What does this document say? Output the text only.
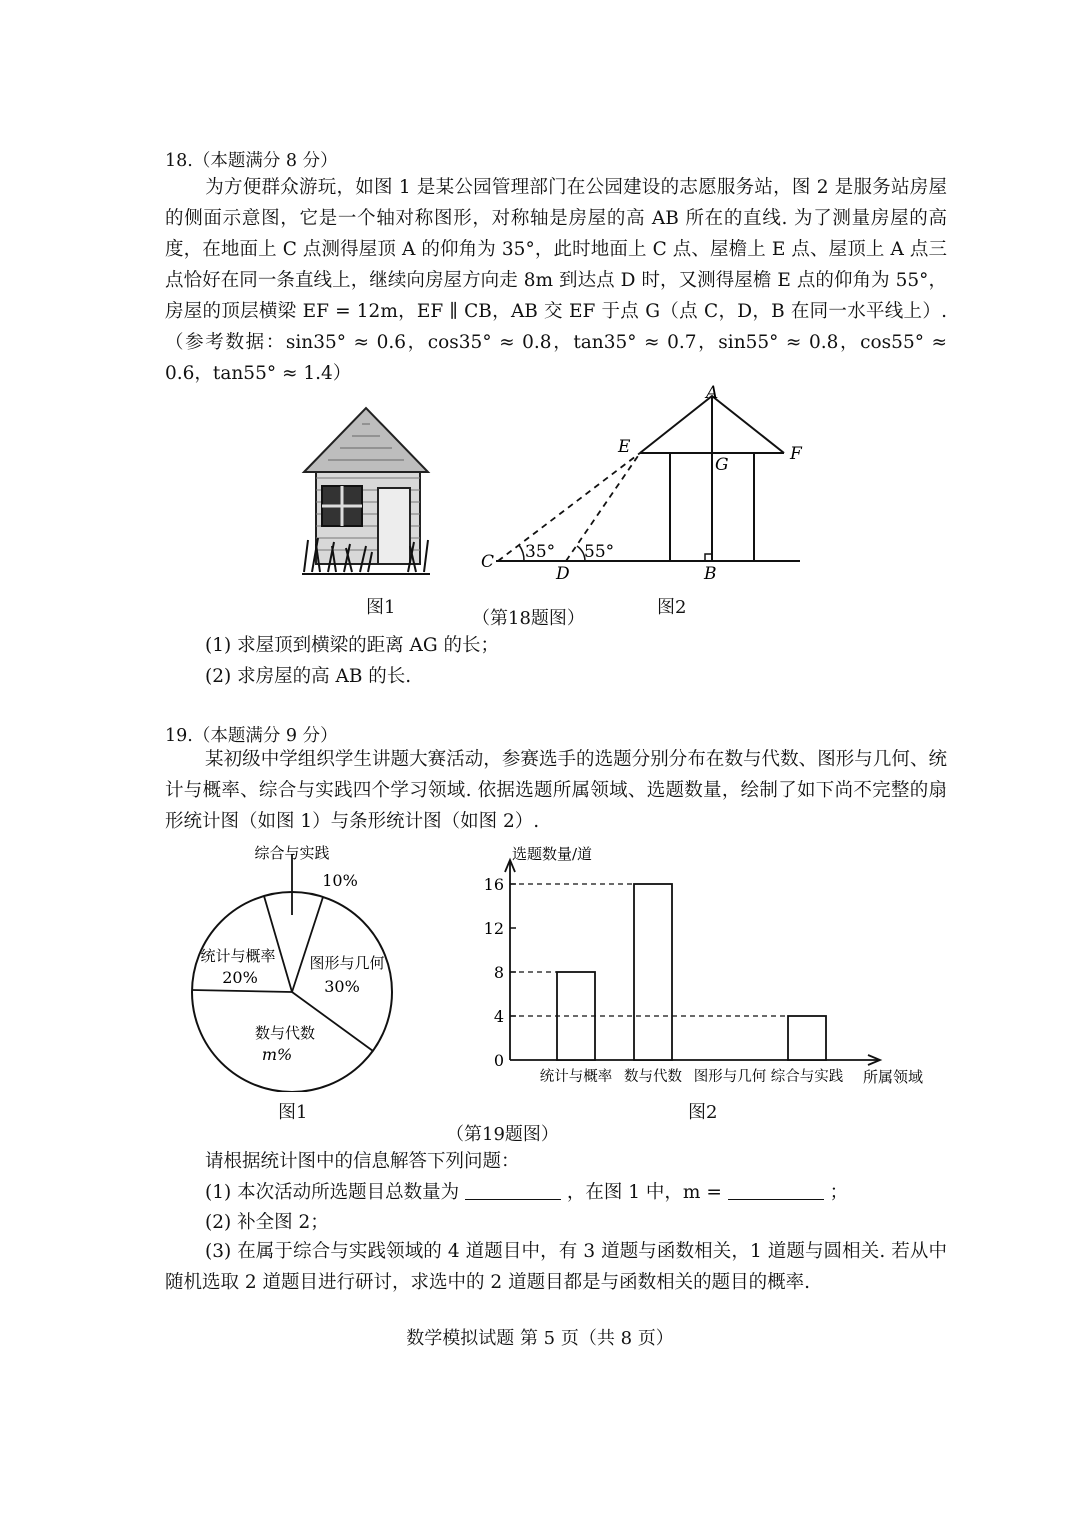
18.（本题满分 8 分）
为方便群众游玩，如图 1 是某公园管理部门在公园建设的志愿服务站，图 2 是服务站房屋的侧面示意图，它是一个轴对称图形，对称轴是房屋的高 AB 所在的直线. 为了测量房屋的高度，在地面上 C 点测得屋顶 A 的仰角为 35°，此时地面上 C 点、屋檐上 E 点、屋顶上 A 点三点恰好在同一条直线上，继续向房屋方向走 8m 到达点 D 时，又测得屋檐 E 点的仰角为 55°，房屋的顶层横梁 EF = 12m，EF ∥ CB，AB 交 EF 于点 G（点 C，D，B 在同一水平线上）. （参考数据：sin35° ≈ 0.6，cos35° ≈ 0.8，tan35° ≈ 0.7，sin55° ≈ 0.8，cos55° ≈ 0.6，tan55° ≈ 1.4）
图1
A
E	F
G
C
D	B
35° 55°
图2
（第18题图）
(1) 求屋顶到横梁的距离 AG 的长；
(2) 求房屋的高 AB 的长.
19.（本题满分 9 分）
某初级中学组织学生讲题大赛活动，参赛选手的选题分别分布在数与代数、图形与几何、统计与概率、综合与实践四个学习领域. 依据选题所属领域、选题数量，绘制了如下尚不完整的扇形统计图（如图 1）与条形统计图（如图 2）.
综合与实践
10%
图形与几何
30%
数与代数
m%
统计与概率
20%
图1
选题数量/道
所属领域
0
4
8
12
16
统计与概率 数与代数 图形与几何 综合与实践
图2
（第19题图）
请根据统计图中的信息解答下列问题：
(1) 本次活动所选题目总数量为	，在图 1 中，m =	；
(2) 补全图 2；
(3) 在属于综合与实践领域的 4 道题目中，有 3 道题与函数相关，1 道题与圆相关. 若从中随机选取 2 道题目进行研讨，求选中的 2 道题目都是与函数相关的题目的概率.
数学模拟试题 第 5 页（共 8 页）
